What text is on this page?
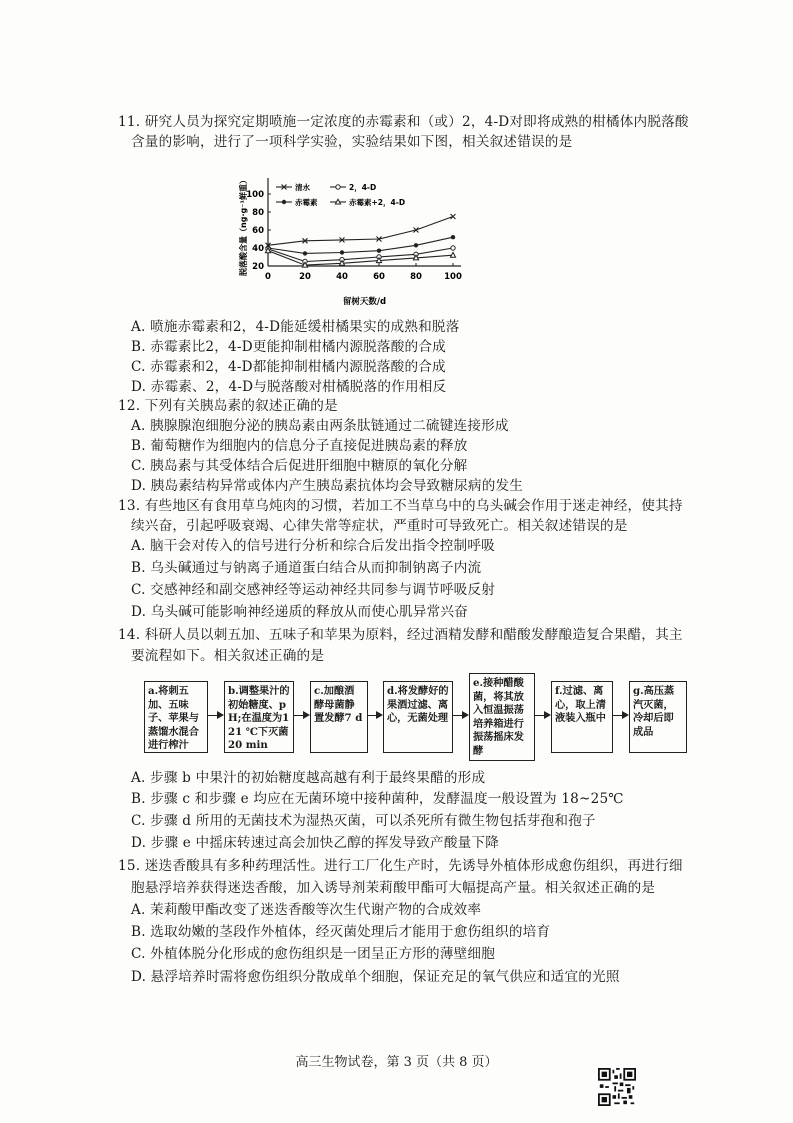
11. 研究人员为探究定期喷施一定浓度的赤霉素和（或）2，4-D对即将成熟的柑橘体内脱落酸
含量的影响，进行了一项科学实验，实验结果如下图，相关叙述错误的是
0	20	40	60	80	100
20
40
60
80
100
留树天数/d
脱落酸含量（ng·g⁻¹鲜重）	清水	2，4-D
赤霉素	赤霉素+2，4-D
A. 喷施赤霉素和2，4-D能延缓柑橘果实的成熟和脱落
B. 赤霉素比2，4-D更能抑制柑橘内源脱落酸的合成
C. 赤霉素和2，4-D都能抑制柑橘内源脱落酸的合成
D. 赤霉素、2，4-D与脱落酸对柑橘脱落的作用相反
12. 下列有关胰岛素的叙述正确的是
A. 胰腺腺泡细胞分泌的胰岛素由两条肽链通过二硫键连接形成
B. 葡萄糖作为细胞内的信息分子直接促进胰岛素的释放
C. 胰岛素与其受体结合后促进肝细胞中糖原的氧化分解
D. 胰岛素结构异常或体内产生胰岛素抗体均会导致糖尿病的发生
13. 有些地区有食用草乌炖肉的习惯，若加工不当草乌中的乌头碱会作用于迷走神经，使其持
续兴奋，引起呼吸衰竭、心律失常等症状，严重时可导致死亡。相关叙述错误的是
A. 脑干会对传入的信号进行分析和综合后发出指令控制呼吸
B. 乌头碱通过与钠离子通道蛋白结合从而抑制钠离子内流
C. 交感神经和副交感神经等运动神经共同参与调节呼吸反射
D. 乌头碱可能影响神经递质的释放从而使心肌异常兴奋
14. 科研人员以刺五加、五味子和苹果为原料，经过酒精发酵和醋酸发酵酿造复合果醋，其主
要流程如下。相关叙述正确的是
a.将刺五加、五味子、苹果与蒸馏水混合进行榨汁
b.调整果汁的初始糖度、pH;在温度为121 ℃下灭菌20 min
c.加酿酒酵母菌静置发酵7 d
d.将发酵好的果酒过滤、离心，无菌处理
e.接种醋酸菌，将其放入恒温振荡培养箱进行振荡摇床发酵
f.过滤、离心，取上清液装入瓶中
g.高压蒸汽灭菌，冷却后即成品
A. 步骤 b 中果汁的初始糖度越高越有利于最终果醋的形成
B. 步骤 c 和步骤 e 均应在无菌环境中接种菌种，发酵温度一般设置为 18~25℃
C. 步骤 d 所用的无菌技术为湿热灭菌，可以杀死所有微生物包括芽孢和孢子
D. 步骤 e 中摇床转速过高会加快乙醇的挥发导致产酸量下降
15. 迷迭香酸具有多种药理活性。进行工厂化生产时，先诱导外植体形成愈伤组织，再进行细
胞悬浮培养获得迷迭香酸，加入诱导剂茉莉酸甲酯可大幅提高产量。相关叙述正确的是
A. 茉莉酸甲酯改变了迷迭香酸等次生代谢产物的合成效率
B. 选取幼嫩的茎段作外植体，经灭菌处理后才能用于愈伤组织的培育
C. 外植体脱分化形成的愈伤组织是一团呈正方形的薄壁细胞
D. 悬浮培养时需将愈伤组织分散成单个细胞，保证充足的氧气供应和适宜的光照
高三生物试卷，第 3 页（共 8 页）
